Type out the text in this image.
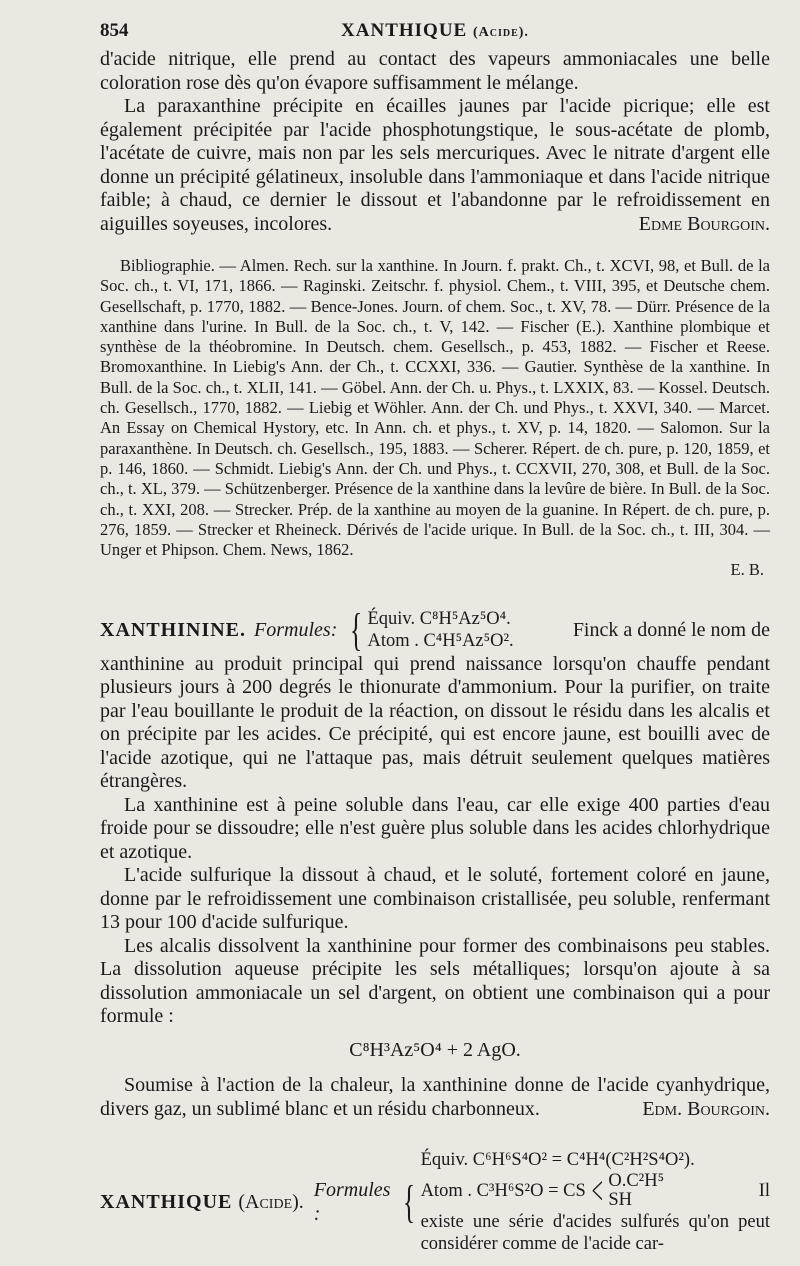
854	XANTHIQUE (Acide).

d'acide nitrique, elle prend au contact des vapeurs ammoniacales une belle coloration rose dès qu'on évapore suffisamment le mélange.

La paraxanthine précipite en écailles jaunes par l'acide picrique; elle est également précipitée par l'acide phosphotungstique, le sous-acétate de plomb, l'acétate de cuivre, mais non par les sels mercuriques. Avec le nitrate d'argent elle donne un précipité gélatineux, insoluble dans l'ammoniaque et dans l'acide nitrique faible; à chaud, ce dernier le dissout et l'abandonne par le refroidissement en aiguilles soyeuses, incolores.	Edme Bourgoin.

Bibliographie. — Almen. Rech. sur la xanthine. In Journ. f. prakt. Ch., t. XCVI, 98, et Bull. de la Soc. ch., t. VI, 171, 1866. — Raginski. Zeitschr. f. physiol. Chem., t. VIII, 395, et Deutsche chem. Gesellschaft, p. 1770, 1882. — Bence-Jones. Journ. of chem. Soc., t. XV, 78. — Dürr. Présence de la xanthine dans l'urine. In Bull. de la Soc. ch., t. V, 142. — Fischer (E.). Xanthine plombique et synthèse de la théobromine. In Deutsch. chem. Gesellsch., p. 453, 1882. — Fischer et Reese. Bromoxanthine. In Liebig's Ann. der Ch., t. CCXXI, 336. — Gautier. Synthèse de la xanthine. In Bull. de la Soc. ch., t. XLII, 141. — Göbel. Ann. der Ch. u. Phys., t. LXXIX, 83. — Kossel. Deutsch. ch. Gesellsch., 1770, 1882. — Liebig et Wöhler. Ann. der Ch. und Phys., t. XXVI, 340. — Marcet. An Essay on Chemical Hystory, etc. In Ann. ch. et phys., t. XV, p. 14, 1820. — Salomon. Sur la paraxanthène. In Deutsch. ch. Gesellsch., 195, 1883. — Scherer. Répert. de ch. pure, p. 120, 1859, et p. 146, 1860. — Schmidt. Liebig's Ann. der Ch. und Phys., t. CCXVII, 270, 308, et Bull. de la Soc. ch., t. XL, 379. — Schützenberger. Présence de la xanthine dans la levûre de bière. In Bull. de la Soc. ch., t. XXI, 208. — Strecker. Prép. de la xanthine au moyen de la guanine. In Répert. de ch. pure, p. 276, 1859. — Strecker et Rheineck. Dérivés de l'acide urique. In Bull. de la Soc. ch., t. III, 304. — Unger et Phipson. Chem. News, 1862.

E. B.

XANTHININE. Formules: { Équiv. C⁸H⁵Az⁵O⁴.
Atom . C⁴H⁵Az⁵O².	Finck a donné le nom de

xanthinine au produit principal qui prend naissance lorsqu'on chauffe pendant plusieurs jours à 200 degrés le thionurate d'ammonium. Pour la purifier, on traite par l'eau bouillante le produit de la réaction, on dissout le résidu dans les alcalis et on précipite par les acides. Ce précipité, qui est encore jaune, est bouilli avec de l'acide azotique, qui ne l'attaque pas, mais détruit seulement quelques matières étrangères.

La xanthinine est à peine soluble dans l'eau, car elle exige 400 parties d'eau froide pour se dissoudre; elle n'est guère plus soluble dans les acides chlorhydrique et azotique.

L'acide sulfurique la dissout à chaud, et le soluté, fortement coloré en jaune, donne par le refroidissement une combinaison cristallisée, peu soluble, renfermant 13 pour 100 d'acide sulfurique.

Les alcalis dissolvent la xanthinine pour former des combinaisons peu stables. La dissolution aqueuse précipite les sels métalliques; lorsqu'on ajoute à sa dissolution ammoniacale un sel d'argent, on obtient une combinaison qui a pour formule :

C⁸H³Az⁵O⁴ + 2 AgO.

Soumise à l'action de la chaleur, la xanthinine donne de l'acide cyanhydrique, divers gaz, un sublimé blanc et un résidu charbonneux.	Edm. Bourgoin.

XANTHIQUE (Acide).
Formules :	{
Équiv. C⁶H⁶S⁴O² = C⁴H⁴(C²H²S⁴O²).
Atom . C³H⁶S²O = CS < O.C²H⁵
SH	Il

existe une série d'acides sulfurés qu'on peut considérer comme de l'acide car-
